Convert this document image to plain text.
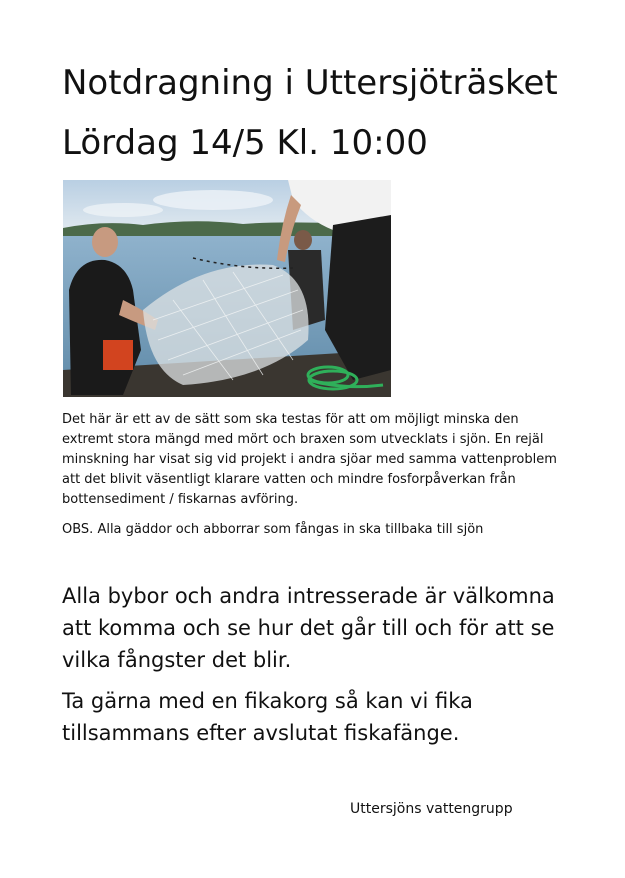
Notdragning i Uttersjöträsket
Lördag 14/5 Kl. 10:00

Det här är ett av de sätt som ska testas för att om möjligt minska den extremt stora mängd med mört och braxen som utvecklats i sjön. En rejäl minskning har visat sig vid projekt i andra sjöar med samma vattenproblem att det blivit väsentligt klarare vatten och mindre fosforpåverkan från bottensediment / fiskarnas avföring.

OBS. Alla gäddor och abborrar som fångas in ska tillbaka till sjön

Alla bybor och andra intresserade är välkomna att komma och se hur det går till och för att se vilka fångster det blir.

Ta gärna med en fikakorg så kan vi fika tillsammans efter avslutat fiskafänge.

Uttersjöns vattengrupp
